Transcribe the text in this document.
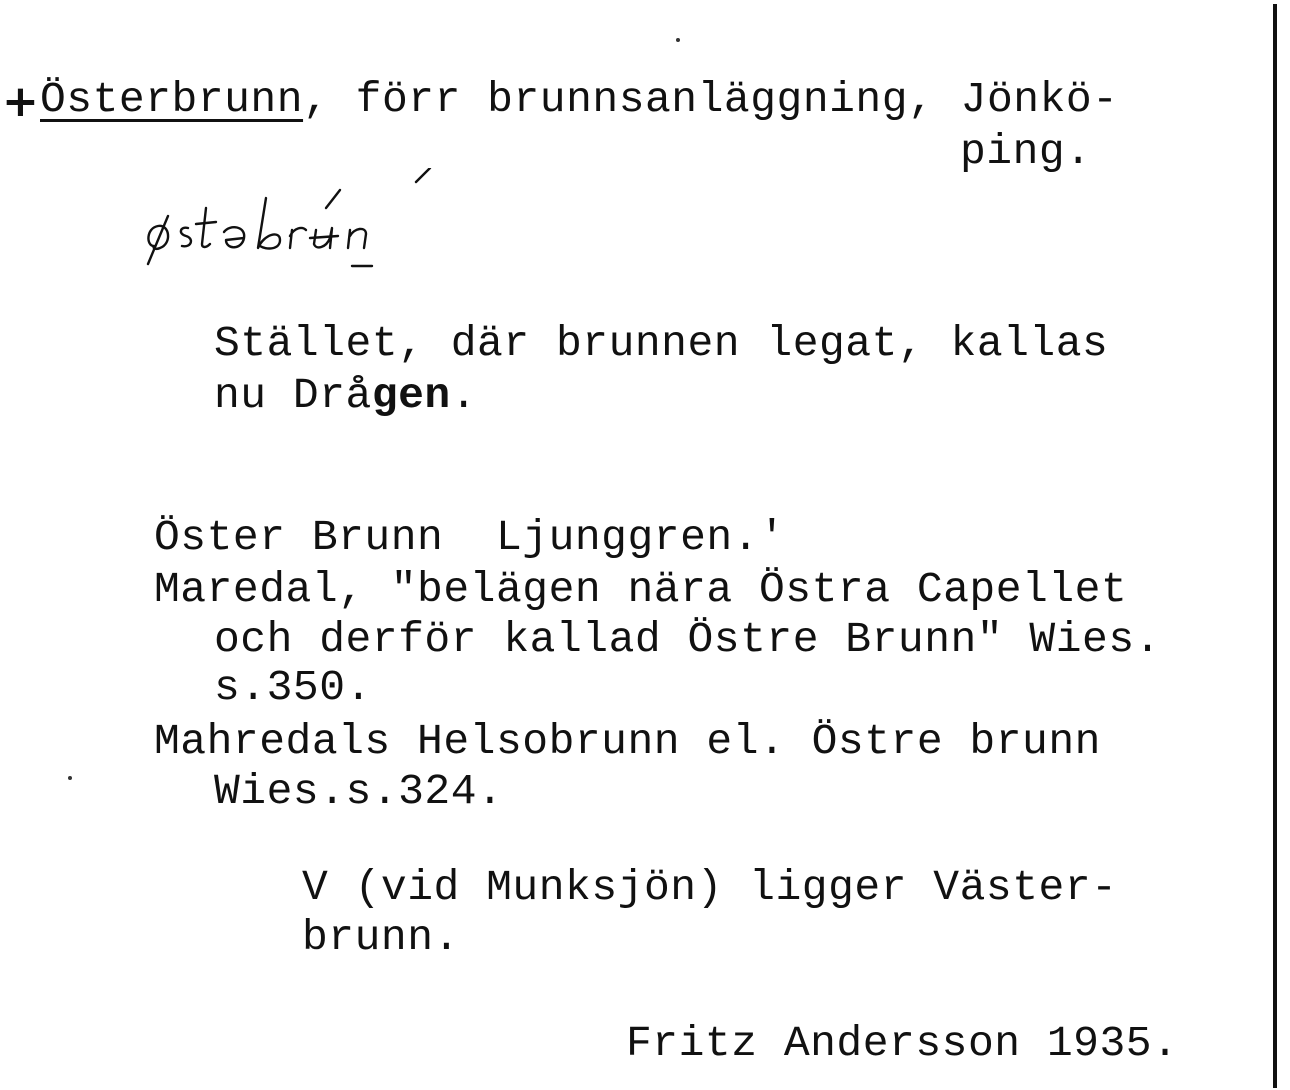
+ Österbrunn, förr brunnsanläggning, Jönkö-
ping.
Stället, där brunnen legat, kallas
nu Drågen.
Öster Brunn  Ljunggren.'
Maredal, "belägen nära Östra Capellet
och derför kallad Östre Brunn" Wies.
s.350.
Mahredals Helsobrunn el. Östre brunn
Wies.s.324.
V (vid Munksjön) ligger Väster-
brunn.
Fritz Andersson 1935.
